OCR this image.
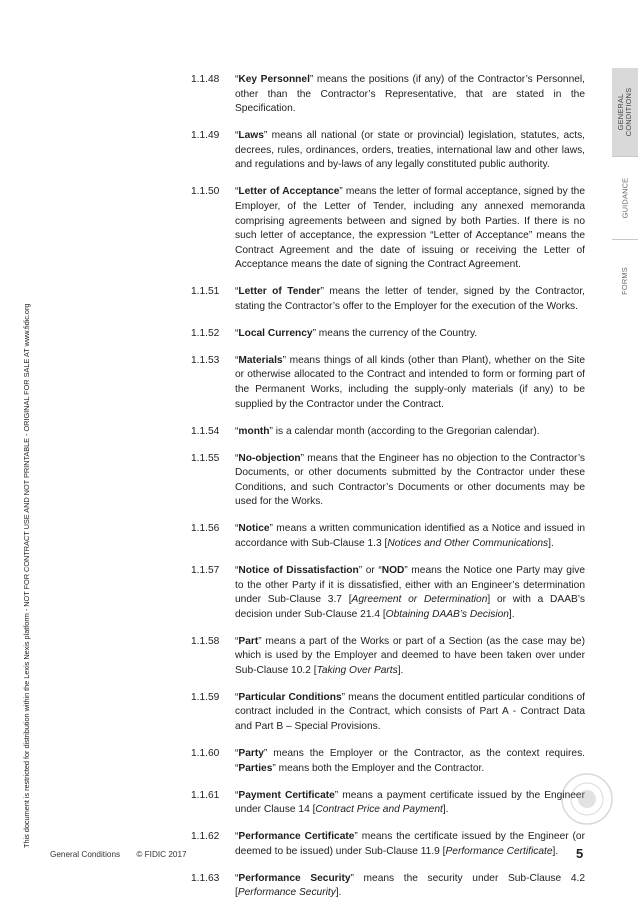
This document is restricted for distribution within the Lexis Nexis platform - NOT FOR CONTRACT USE AND NOT PRINTABLE - ORIGINAL FOR SALE AT www.fidic.org
GENERAL
CONDITIONS
GUIDANCE
FORMS
1.1.48	“Key Personnel” means the positions (if any) of the Contractor’s Personnel, other than the Contractor’s Representative, that are stated in the Specification.
1.1.49	“Laws” means all national (or state or provincial) legislation, statutes, acts, decrees, rules, ordinances, orders, treaties, international law and other laws, and regulations and by-laws of any legally constituted public authority.
1.1.50	“Letter of Acceptance” means the letter of formal acceptance, signed by the Employer, of the Letter of Tender, including any annexed memoranda comprising agreements between and signed by both Parties. If there is no such letter of acceptance, the expression “Letter of Acceptance” means the Contract Agreement and the date of issuing or receiving the Letter of Acceptance means the date of signing the Contract Agreement.
1.1.51	“Letter of Tender” means the letter of tender, signed by the Contractor, stating the Contractor’s offer to the Employer for the execution of the Works.
1.1.52	“Local Currency” means the currency of the Country.
1.1.53	“Materials” means things of all kinds (other than Plant), whether on the Site or otherwise allocated to the Contract and intended to form or forming part of the Permanent Works, including the supply-only materials (if any) to be supplied by the Contractor under the Contract.
1.1.54	“month” is a calendar month (according to the Gregorian calendar).
1.1.55	“No-objection” means that the Engineer has no objection to the Contractor’s Documents, or other documents submitted by the Contractor under these Conditions, and such Contractor’s Documents or other documents may be used for the Works.
1.1.56	“Notice” means a written communication identified as a Notice and issued in accordance with Sub-Clause 1.3 [Notices and Other Communications].
1.1.57	“Notice of Dissatisfaction” or “NOD” means the Notice one Party may give to the other Party if it is dissatisfied, either with an Engineer’s determination under Sub-Clause 3.7 [Agreement or Determination] or with a DAAB’s decision under Sub-Clause 21.4 [Obtaining DAAB’s Decision].
1.1.58	“Part” means a part of the Works or part of a Section (as the case may be) which is used by the Employer and deemed to have been taken over under Sub-Clause 10.2 [Taking Over Parts].
1.1.59	“Particular Conditions” means the document entitled particular conditions of contract included in the Contract, which consists of Part A - Contract Data and Part B – Special Provisions.
1.1.60	“Party” means the Employer or the Contractor, as the context requires. “Parties” means both the Employer and the Contractor.
1.1.61	“Payment Certificate” means a payment certificate issued by the Engineer under Clause 14 [Contract Price and Payment].
1.1.62	“Performance Certificate” means the certificate issued by the Engineer (or deemed to be issued) under Sub-Clause 11.9 [Performance Certificate].
1.1.63	“Performance Security” means the security under Sub-Clause 4.2 [Performance Security].
General Conditions © FIDIC 2017	5
